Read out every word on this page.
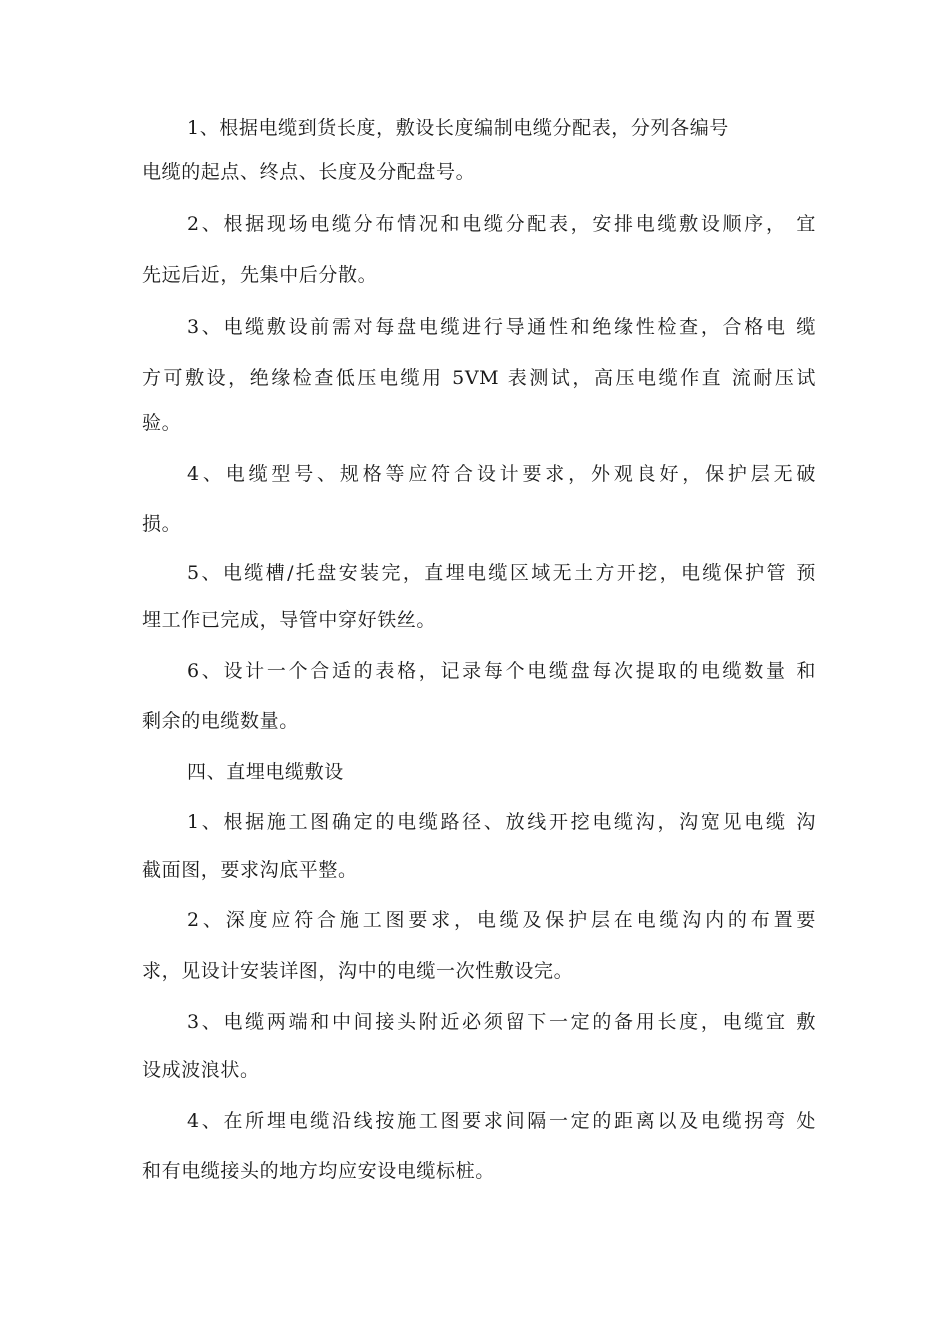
1、根据电缆到货长度，敷设长度编制电缆分配表，分列各编号
电缆的起点、终点、长度及分配盘号。
2、根据现场电缆分布情况和电缆分配表，安排电缆敷设顺序， 宜
先远后近，先集中后分散。
3、电缆敷设前需对每盘电缆进行导通性和绝缘性检查，合格电 缆
方可敷设，绝缘检查低压电缆用 5VM 表测试，高压电缆作直 流耐压试
验。
4、电缆型号、规格等应符合设计要求，外观良好，保护层无破
损。
5、电缆槽/托盘安装完，直埋电缆区域无土方开挖，电缆保护管 预
埋工作已完成，导管中穿好铁丝。
6、设计一个合适的表格，记录每个电缆盘每次提取的电缆数量 和
剩余的电缆数量。
四、直埋电缆敷设
1、根据施工图确定的电缆路径、放线开挖电缆沟，沟宽见电缆 沟
截面图，要求沟底平整。
2、深度应符合施工图要求，电缆及保护层在电缆沟内的布置要
求，见设计安装详图，沟中的电缆一次性敷设完。
3、电缆两端和中间接头附近必须留下一定的备用长度，电缆宜 敷
设成波浪状。
4、在所埋电缆沿线按施工图要求间隔一定的距离以及电缆拐弯 处
和有电缆接头的地方均应安设电缆标桩。
